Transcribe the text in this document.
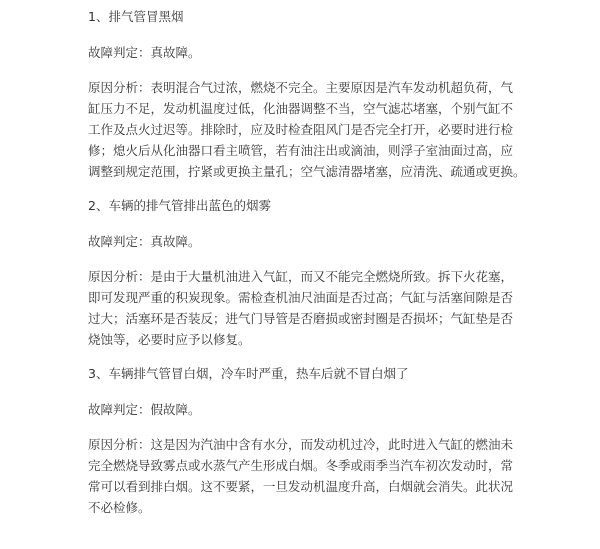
1、排气管冒黑烟
故障判定：真故障。
原因分析：表明混合气过浓，燃烧不完全。主要原因是汽车发动机超负荷，气
缸压力不足，发动机温度过低，化油器调整不当，空气滤芯堵塞，个别气缸不
工作及点火过迟等。排除时，应及时检查阻风门是否完全打开，必要时进行检
修；熄火后从化油器口看主喷管，若有油注出或滴油，则浮子室油面过高，应
调整到规定范围，拧紧或更换主量孔；空气滤清器堵塞，应清洗、疏通或更换。
2、车辆的排气管排出蓝色的烟雾
故障判定：真故障。
原因分析：是由于大量机油进入气缸，而又不能完全燃烧所致。拆下火花塞，
即可发现严重的积炭现象。需检查机油尺油面是否过高；气缸与活塞间隙是否
过大；活塞环是否装反；进气门导管是否磨损或密封圈是否损坏；气缸垫是否
烧蚀等，必要时应予以修复。
3、车辆排气管冒白烟，冷车时严重，热车后就不冒白烟了
故障判定：假故障。
原因分析：这是因为汽油中含有水分，而发动机过冷，此时进入气缸的燃油未
完全燃烧导致雾点或水蒸气产生形成白烟。冬季或雨季当汽车初次发动时，常
常可以看到排白烟。这不要紧，一旦发动机温度升高，白烟就会消失。此状况
不必检修。
